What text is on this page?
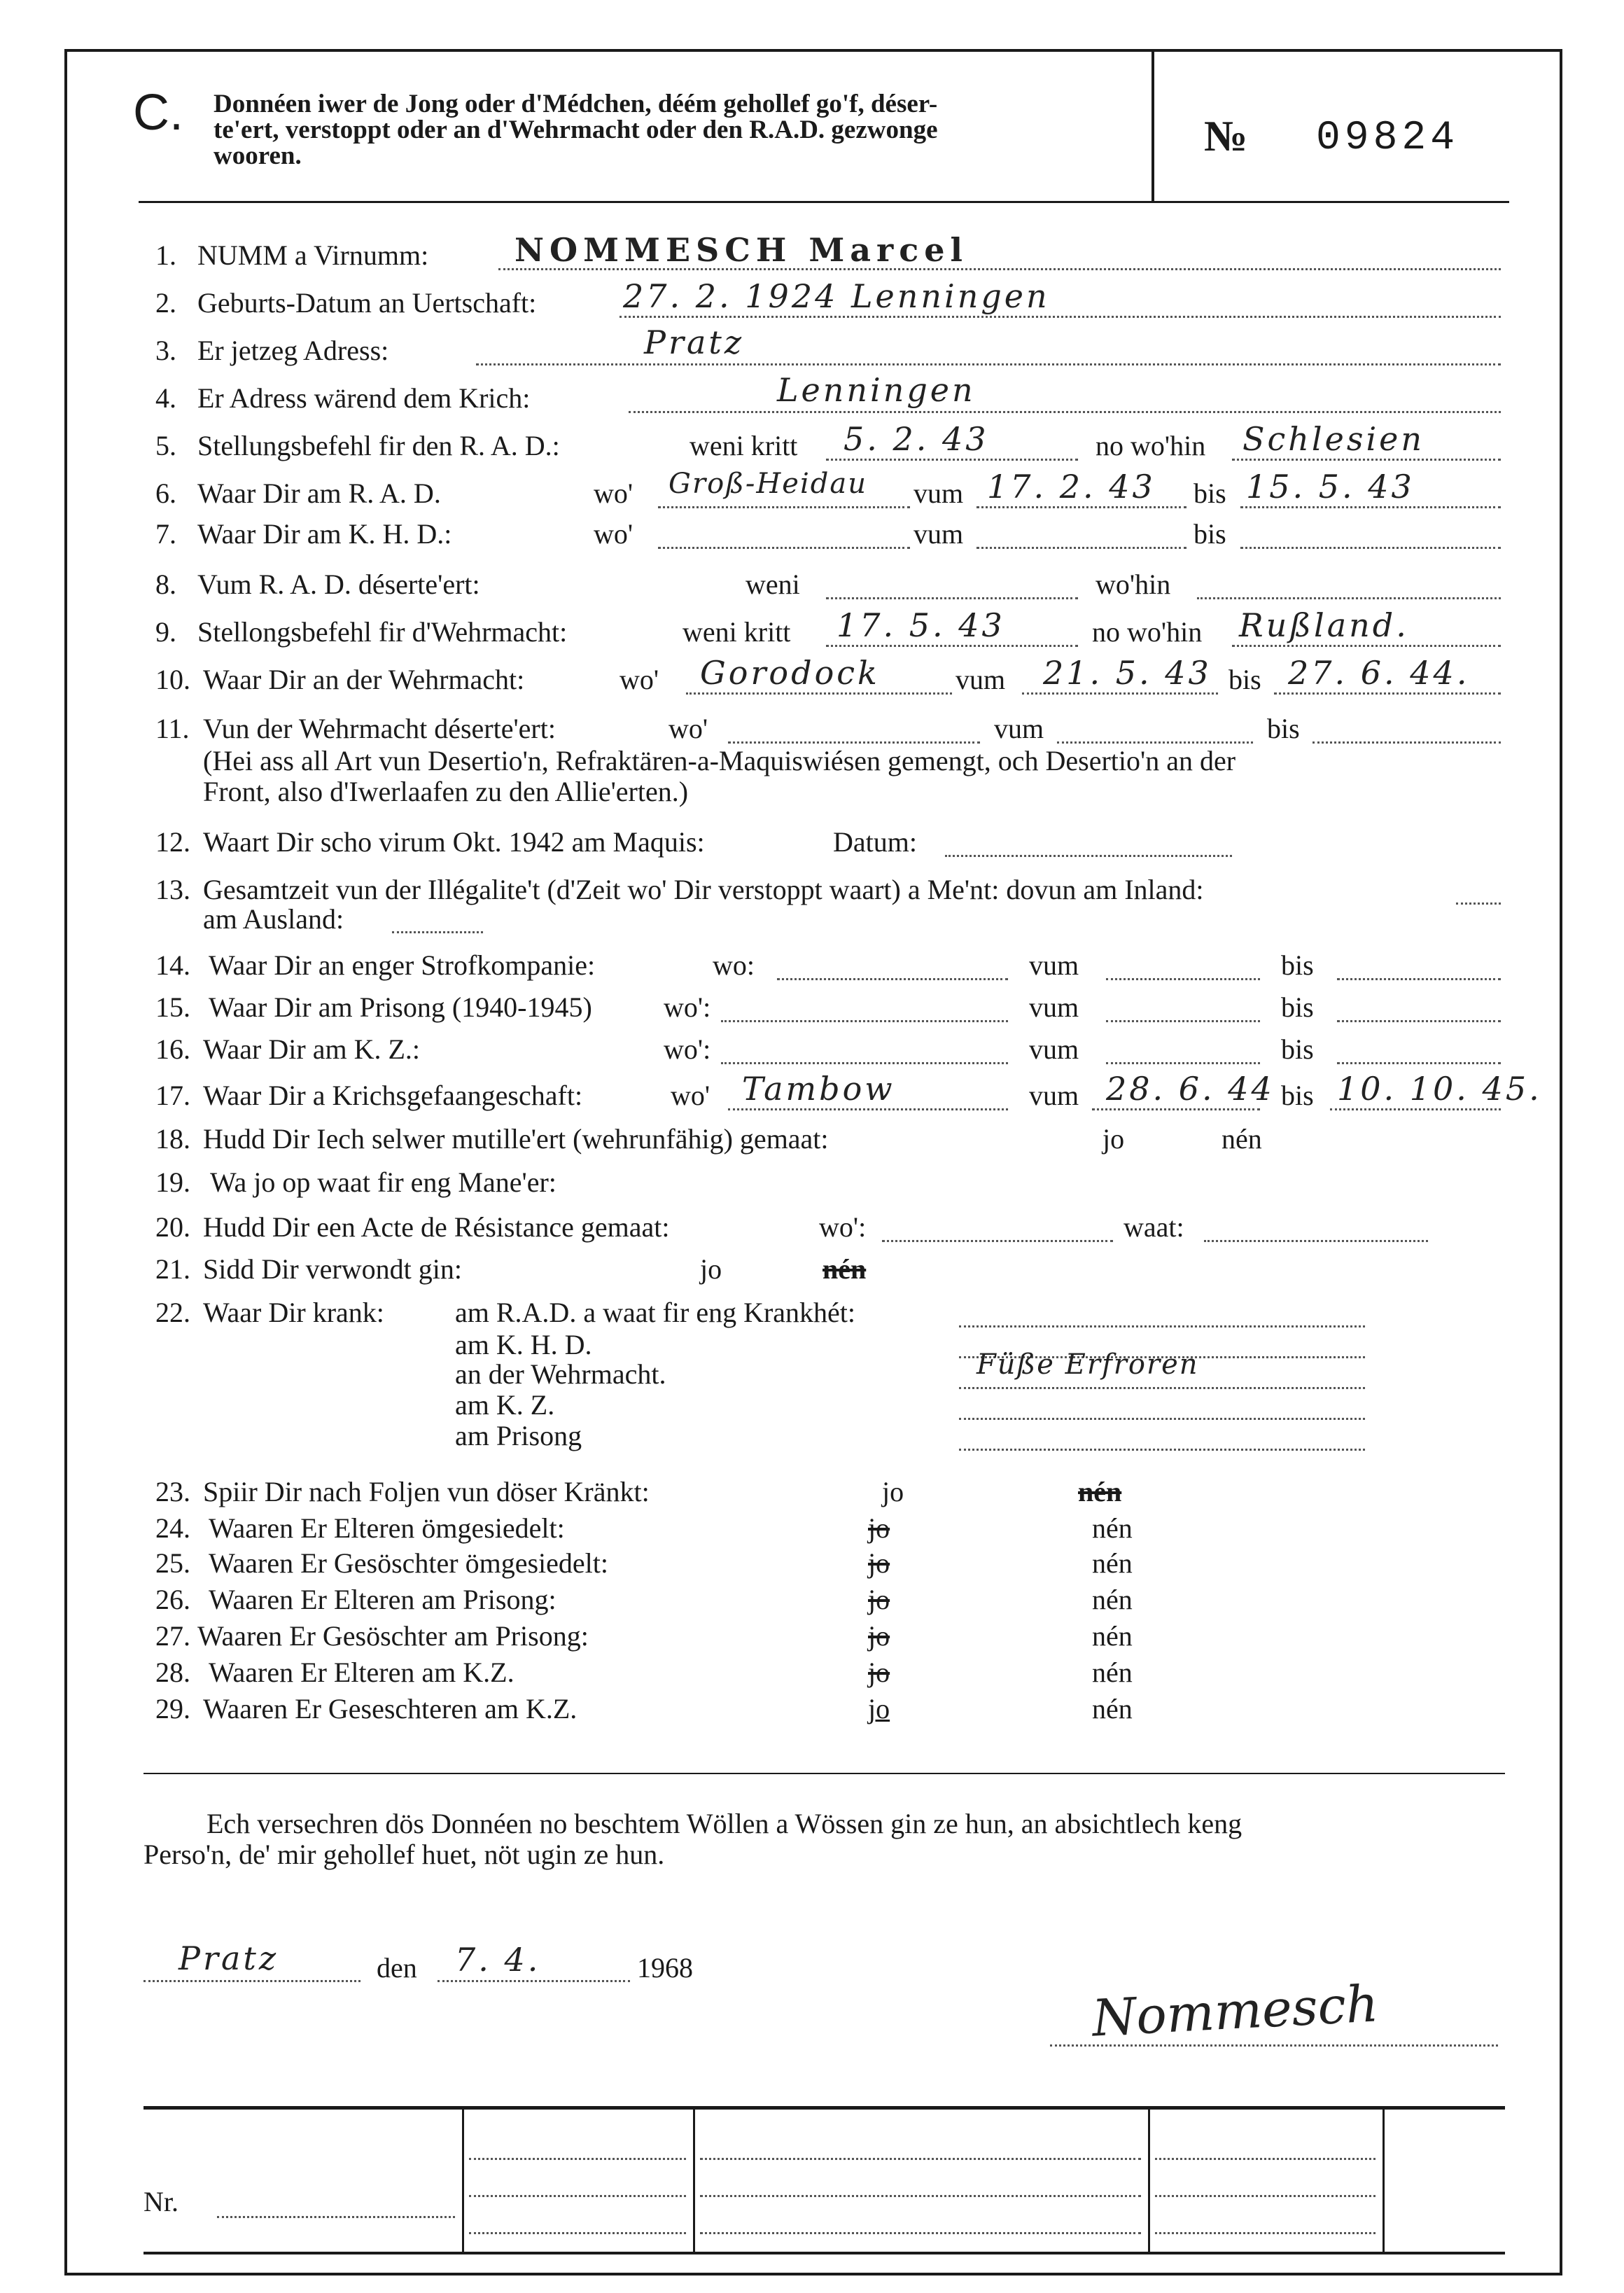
C. Donnéen iwer de Jong oder d'Médchen, déém gehollef go'f, déser-
te'ert, verstoppt oder an d'Wehrmacht oder den R.A.D. gezwonge
wooren.	№ 09824
1. NUMM a Virnumm:	NOMMESCH Marcel
2. Geburts-Datum an Uertschaft:	27. 2. 1924 Lenningen
3. Er jetzeg Adress:	Pratz
4. Er Adress wärend dem Krich:	Lenningen
5. Stellungsbefehl fir den R. A. D.:	weni kritt 5. 2. 43	no wo'hin Schlesien
6. Waar Dir am R. A. D.	wo' Groß-Heidau vum 17. 2. 43 bis 15. 5. 43
7. Waar Dir am K. H. D.:	wo'	vum	bis
8. Vum R. A. D. déserte'ert:	weni	wo'hin
9. Stellongsbefehl fir d'Wehrmacht:	weni kritt 17. 5. 43	no wo'hin Rußland.
10. Waar Dir an der Wehrmacht:	wo' Gorodock	vum 21. 5. 43 bis 27. 6. 44.
11. Vun der Wehrmacht déserte'ert:	wo'	vum	bis
(Hei ass all Art vun Desertio'n, Refraktären-a-Maquiswiésen gemengt, och Desertio'n an der
Front, also d'Iwerlaafen zu den Allie'erten.)
12. Waart Dir scho virum Okt. 1942 am Maquis:	Datum:
13. Gesamtzeit vun der Illégalite't (d'Zeit wo' Dir verstoppt waart) a Me'nt: dovun am Inland:
am Ausland:
14. Waar Dir an enger Strofkompanie:	wo:	vum	bis
15. Waar Dir am Prisong (1940-1945)	wo':	vum	bis
16. Waar Dir am K. Z.:	wo':	vum	bis
17. Waar Dir a Krichsgefaangeschaft:	wo' Tambow	vum 28. 6. 44 bis 10. 10. 45.
18. Hudd Dir Iech selwer mutille'ert (wehrunfähig) gemaat:	jo	nén
19. Wa jo op waat fir eng Mane'er:
20. Hudd Dir een Acte de Résistance gemaat:	wo':	waat:
21. Sidd Dir verwondt gin:	jo	nén
22. Waar Dir krank:	am R.A.D. a waat fir eng Krankhét:
am K. H. D.
an der Wehrmacht.	Füße Erfroren
am K. Z.
am Prisong
23. Spiir Dir nach Foljen vun döser Kränkt:	jo	nén
24. Waaren Er Elteren ömgesiedelt:	jo	nén
25. Waaren Er Gesöschter ömgesiedelt:	jo	nén
26. Waaren Er Elteren am Prisong:	jo	nén
27. Waaren Er Gesöschter am Prisong:	jo	nén
28. Waaren Er Elteren am K.Z.	jo	nén
29. Waaren Er Geseschteren am K.Z.	jo	nén
Ech versechren dös Donnéen no beschtem Wöllen a Wössen gin ze hun, an absichtlech keng
Perso'n, de' mir gehollef huet, nöt ugin ze hun.
Pratz	den 7. 4.	1968
Nommesch
Nr.
